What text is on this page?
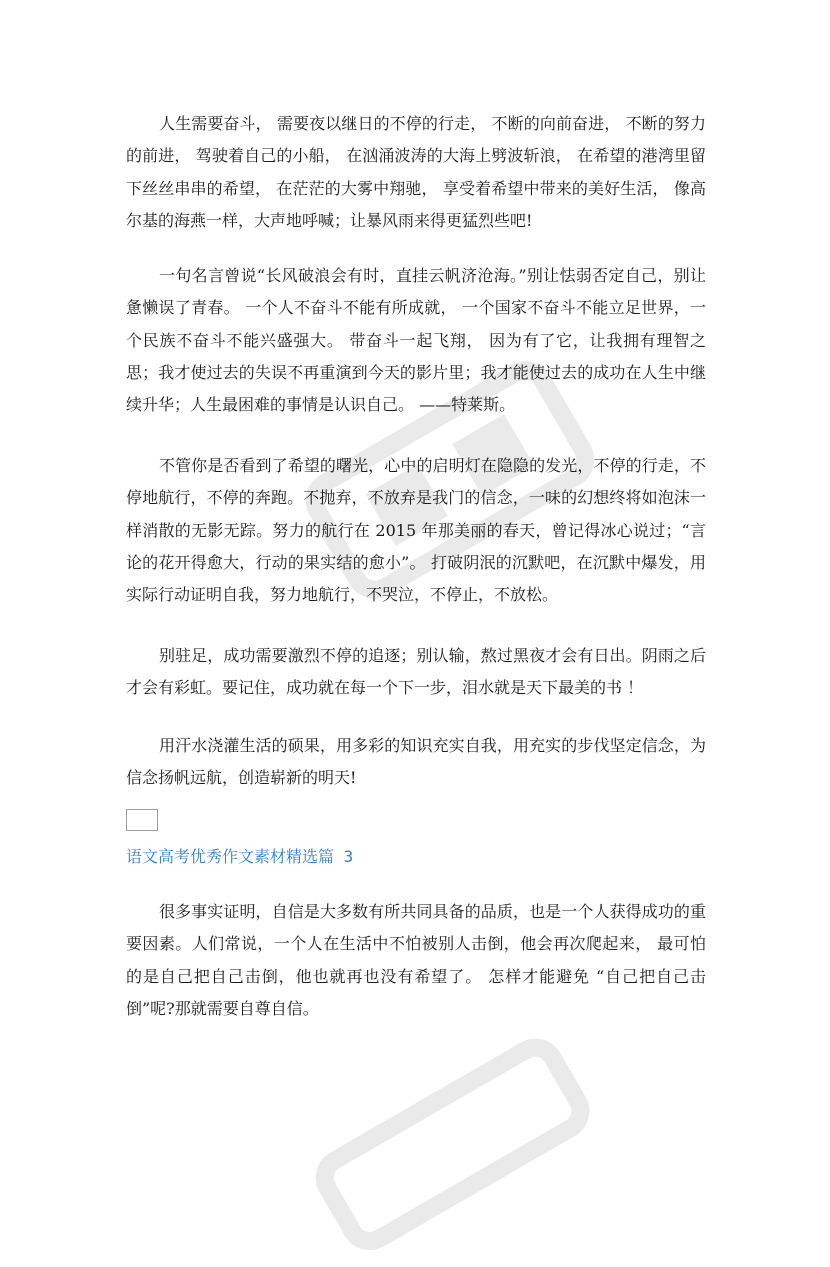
人生需要奋斗， 需要夜以继日的不停的行走， 不断的向前奋进， 不断的努力的前进， 驾驶着自己的小船， 在汹涌波涛的大海上劈波斩浪， 在希望的港湾里留下丝丝串串的希望， 在茫茫的大雾中翔驰， 享受着希望中带来的美好生活， 像高尔基的海燕一样，大声地呼喊；让暴风雨来得更猛烈些吧!

一句名言曾说“长风破浪会有时，直挂云帆济沧海。”别让怯弱否定自己，别让惫懒误了青春。 一个人不奋斗不能有所成就， 一个国家不奋斗不能立足世界，一个民族不奋斗不能兴盛强大。 带奋斗一起飞翔， 因为有了它，让我拥有理智之思；我才使过去的失误不再重演到今天的影片里；我才能使过去的成功在人生中继续升华；人生最困难的事情是认识自己。 ——特莱斯。

不管你是否看到了希望的曙光，心中的启明灯在隐隐的发光，不停的行走，不停地航行，不停的奔跑。不抛弃，不放弃是我门的信念，一味的幻想终将如泡沫一样消散的无影无踪。努力的航行在 2015 年那美丽的春天，曾记得冰心说过；“言论的花开得愈大，行动的果实结的愈小”。 打破阴泯的沉默吧，在沉默中爆发，用实际行动证明自我，努力地航行，不哭泣，不停止，不放松。

别驻足，成功需要激烈不停的追逐；别认输，熬过黑夜才会有日出。阴雨之后才会有彩虹。要记住，成功就在每一个下一步，泪水就是天下最美的书 ！

用汗水浇灌生活的硕果，用多彩的知识充实自我，用充实的步伐坚定信念，为信念扬帆远航，创造崭新的明天!

语文高考优秀作文素材精选篇 3

很多事实证明，自信是大多数有所共同具备的品质，也是一个人获得成功的重要因素。人们常说，一个人在生活中不怕被别人击倒，他会再次爬起来， 最可怕的是自己把自己击倒，他也就再也没有希望了。 怎样才能避免 “自己把自己击倒”呢?那就需要自尊自信。
